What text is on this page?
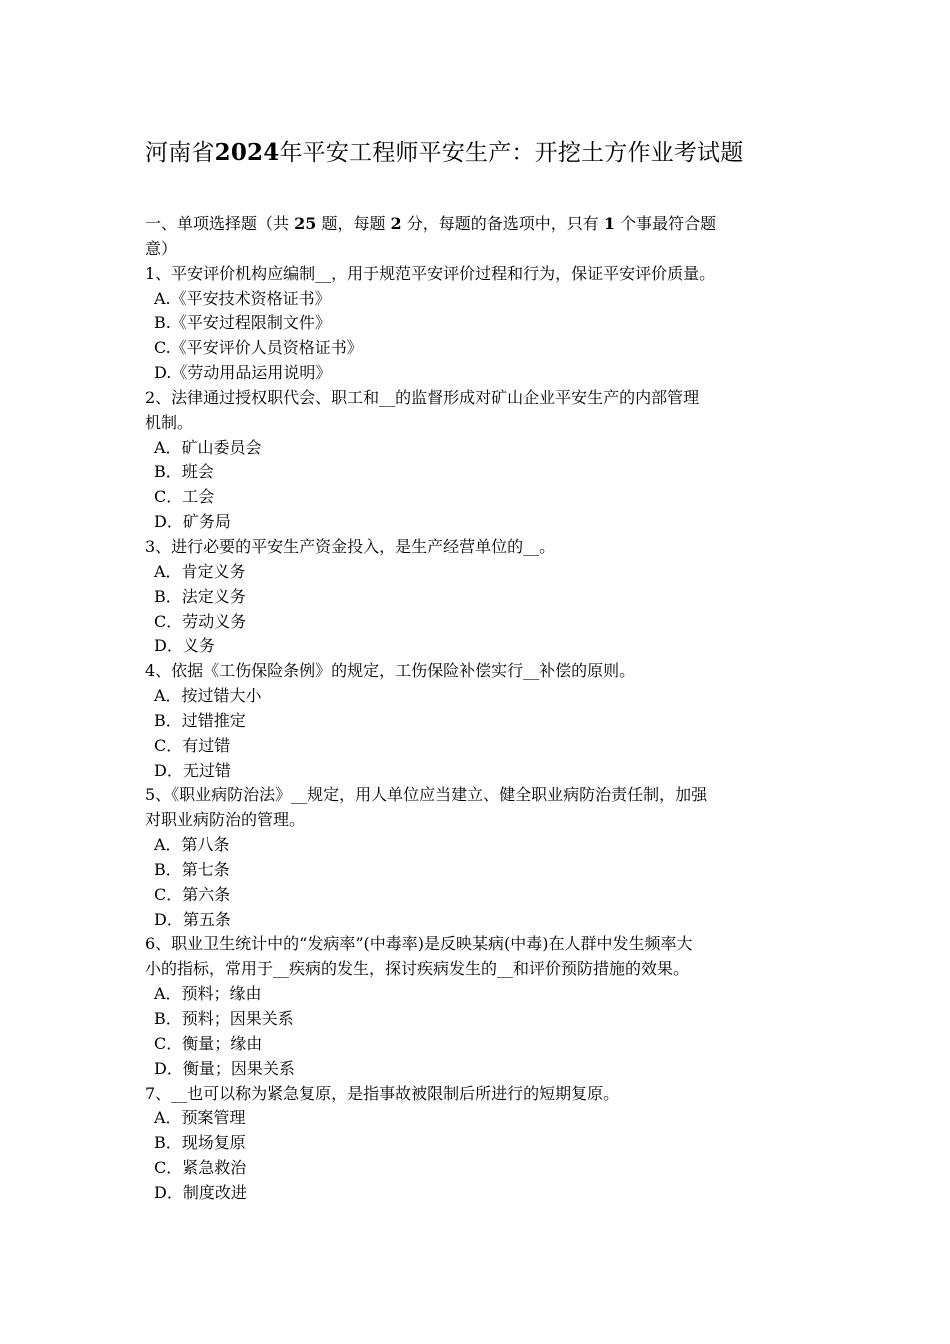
河南省2024年平安工程师平安生产：开挖土方作业考试题
一、单项选择题（共 25 题，每题 2 分，每题的备选项中，只有 1 个事最符合题
意）
1、平安评价机构应编制__，用于规范平安评价过程和行为，保证平安评价质量。
A.《平安技术资格证书》
B.《平安过程限制文件》
C.《平安评价人员资格证书》
D.《劳动用品运用说明》
2、法律通过授权职代会、职工和__的监督形成对矿山企业平安生产的内部管理
机制。
A．矿山委员会
B．班会
C．工会
D．矿务局
3、进行必要的平安生产资金投入，是生产经营单位的__。
A．肯定义务
B．法定义务
C．劳动义务
D．义务
4、依据《工伤保险条例》的规定，工伤保险补偿实行__补偿的原则。
A．按过错大小
B．过错推定
C．有过错
D．无过错
5、《职业病防治法》__规定，用人单位应当建立、健全职业病防治责任制，加强
对职业病防治的管理。
A．第八条
B．第七条
C．第六条
D．第五条
6、职业卫生统计中的“发病率”(中毒率)是反映某病(中毒)在人群中发生频率大
小的指标，常用于__疾病的发生，探讨疾病发生的__和评价预防措施的效果。
A．预料；缘由
B．预料；因果关系
C．衡量；缘由
D．衡量；因果关系
7、__也可以称为紧急复原，是指事故被限制后所进行的短期复原。
A．预案管理
B．现场复原
C．紧急救治
D．制度改进
